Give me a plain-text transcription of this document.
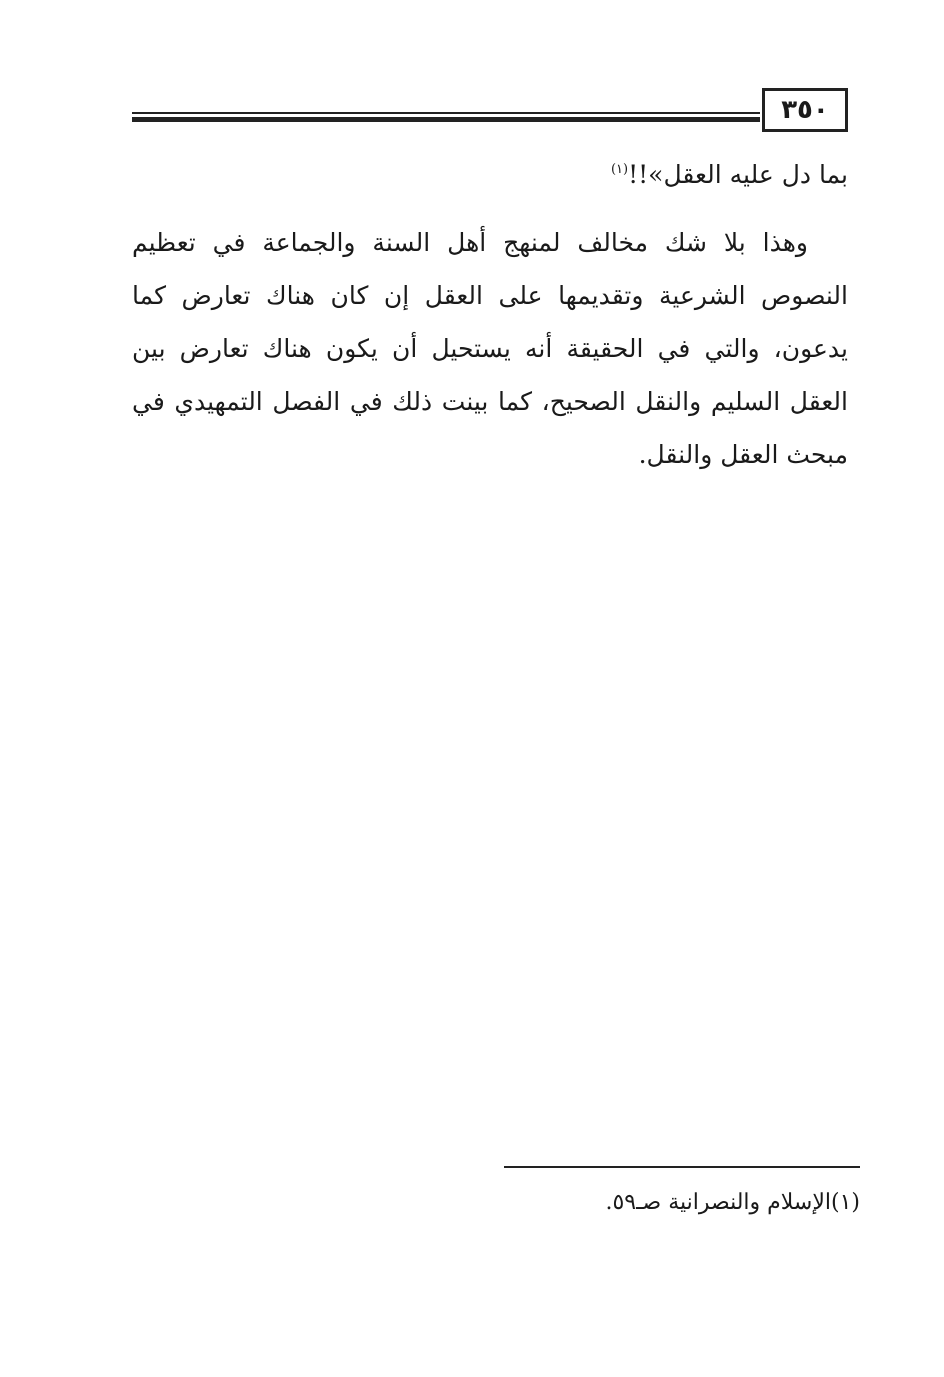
٣٥٠
بما دل عليه العقل»!!$^{(١)}$
وهذا بلا شك مخالف لمنهج أهل السنة والجماعة في تعظيم النصوص الشرعية وتقديمها على العقل إن كان هناك تعارض كما يدعون، والتي في الحقيقة أنه يستحيل أن يكون هناك تعارض بين العقل السليم والنقل الصحيح، كما بينت ذلك في الفصل التمهيدي في مبحث العقل والنقل.
(١)الإسلام والنصرانية صـ٥٩.
